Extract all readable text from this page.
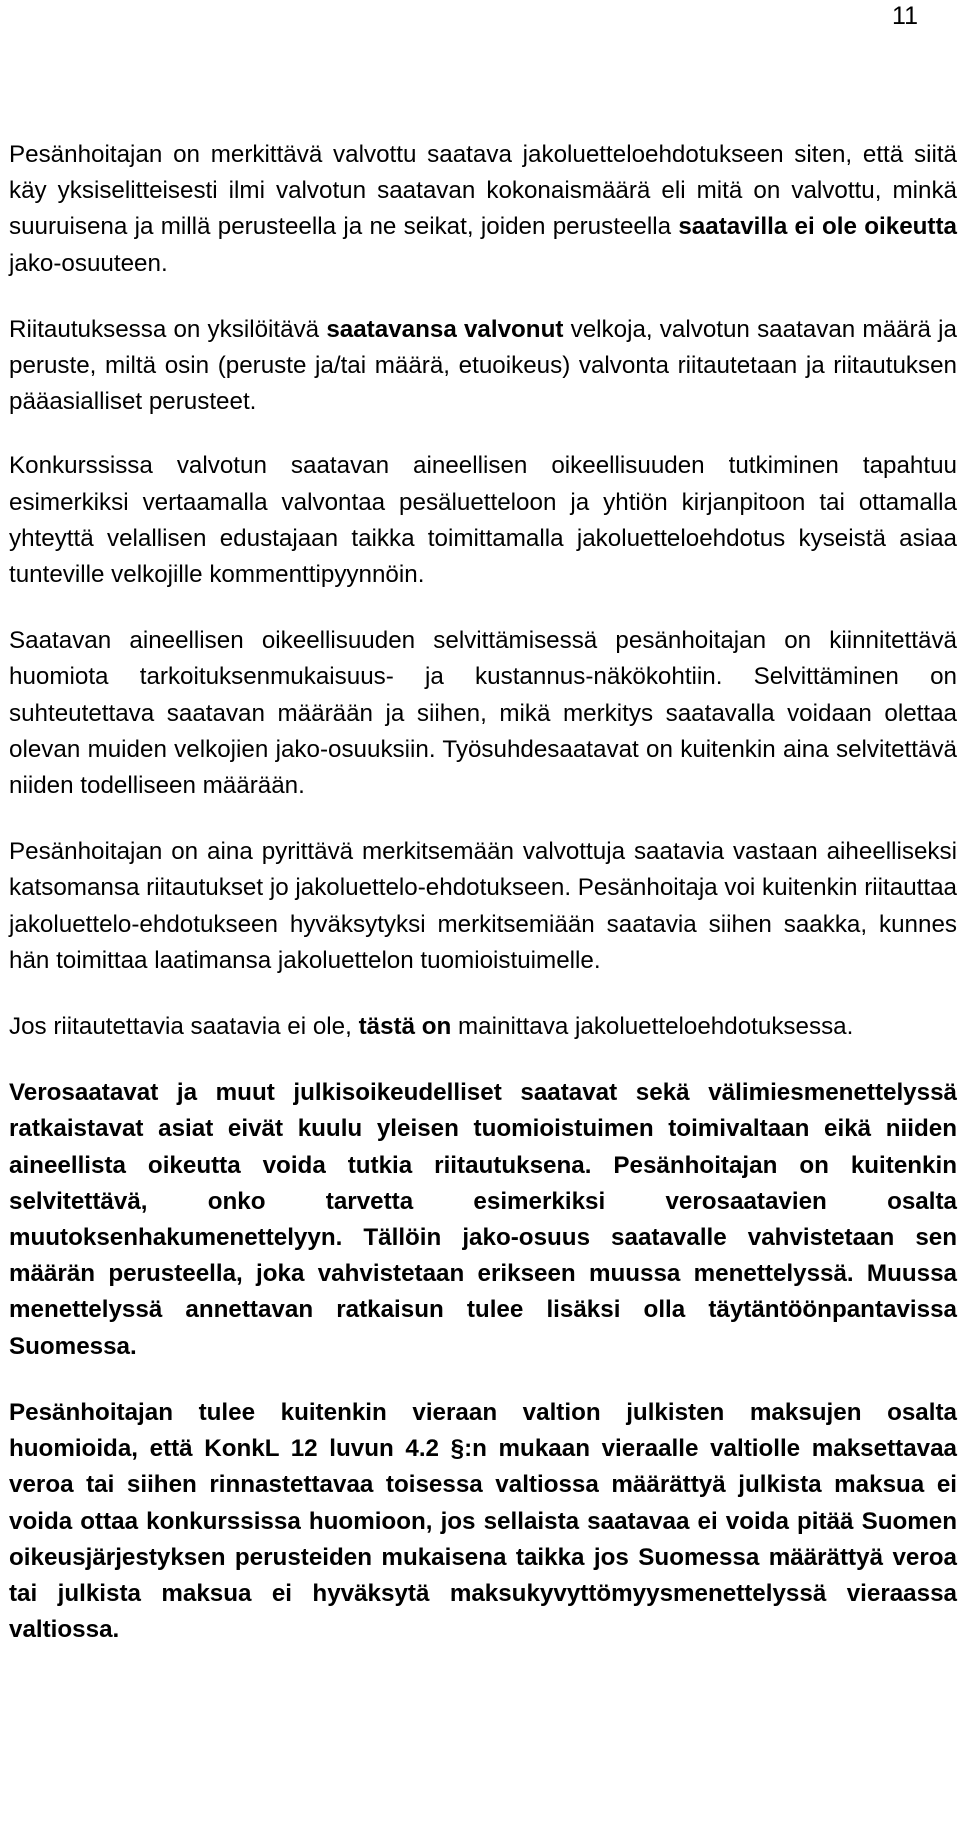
11

Pesänhoitajan on merkittävä valvottu saatava jakoluetteloehdotukseen siten, että siitä käy yksiselitteisesti ilmi valvotun saatavan kokonaismäärä eli mitä on valvottu, minkä suuruisena ja millä perusteella ja ne seikat, joiden perusteella saatavilla ei ole oikeutta jako-osuuteen.

Riitautuksessa on yksilöitävä saatavansa valvonut velkoja, valvotun saatavan määrä ja peruste, miltä osin (peruste ja/tai määrä, etuoikeus) valvonta riitautetaan ja riitautuksen pääasialliset perusteet.

Konkurssissa valvotun saatavan aineellisen oikeellisuuden tutkiminen tapahtuu esimerkiksi vertaamalla valvontaa pesäluetteloon ja yhtiön kirjanpitoon tai ottamalla yhteyttä velallisen edustajaan taikka toimittamalla jakoluetteloehdotus kyseistä asiaa tunteville velkojille kommenttipyynnöin.

Saatavan aineellisen oikeellisuuden selvittämisessä pesänhoitajan on kiinnitettävä huomiota tarkoituksenmukaisuus- ja kustannus-näkökohtiin. Selvittäminen on suhteutettava saatavan määrään ja siihen, mikä merkitys saatavalla voidaan olettaa olevan muiden velkojien jako-osuuksiin. Työsuhdesaatavat on kuitenkin aina selvitettävä niiden todelliseen määrään.

Pesänhoitajan on aina pyrittävä merkitsemään valvottuja saatavia vastaan aiheelliseksi katsomansa riitautukset jo jakoluettelo-ehdotukseen. Pesänhoitaja voi kuitenkin riitauttaa jakoluettelo-ehdotukseen hyväksytyksi merkitsemiään saatavia siihen saakka, kunnes hän toimittaa laatimansa jakoluettelon tuomioistuimelle.

Jos riitautettavia saatavia ei ole, tästä on mainittava jakoluetteloehdotuksessa.

Verosaatavat ja muut julkisoikeudelliset saatavat sekä välimiesmenettelyssä ratkaistavat asiat eivät kuulu yleisen tuomioistuimen toimivaltaan eikä niiden aineellista oikeutta voida tutkia riitautuksena. Pesänhoitajan on kuitenkin selvitettävä, onko tarvetta esimerkiksi verosaatavien osalta muutoksenhakumenettelyyn. Tällöin jako-osuus saatavalle vahvistetaan sen määrän perusteella, joka vahvistetaan erikseen muussa menettelyssä. Muussa menettelyssä annettavan ratkaisun tulee lisäksi olla täytäntöönpantavissa Suomessa.

Pesänhoitajan tulee kuitenkin vieraan valtion julkisten maksujen osalta huomioida, että KonkL 12 luvun 4.2 §:n mukaan vieraalle valtiolle maksettavaa veroa tai siihen rinnastettavaa toisessa valtiossa määrättyä julkista maksua ei voida ottaa konkurssissa huomioon, jos sellaista saatavaa ei voida pitää Suomen oikeusjärjestyksen perusteiden mukaisena taikka jos Suomessa määrättyä veroa tai julkista maksua ei hyväksytä maksukyvyttömyysmenettelyssä vieraassa valtiossa.
